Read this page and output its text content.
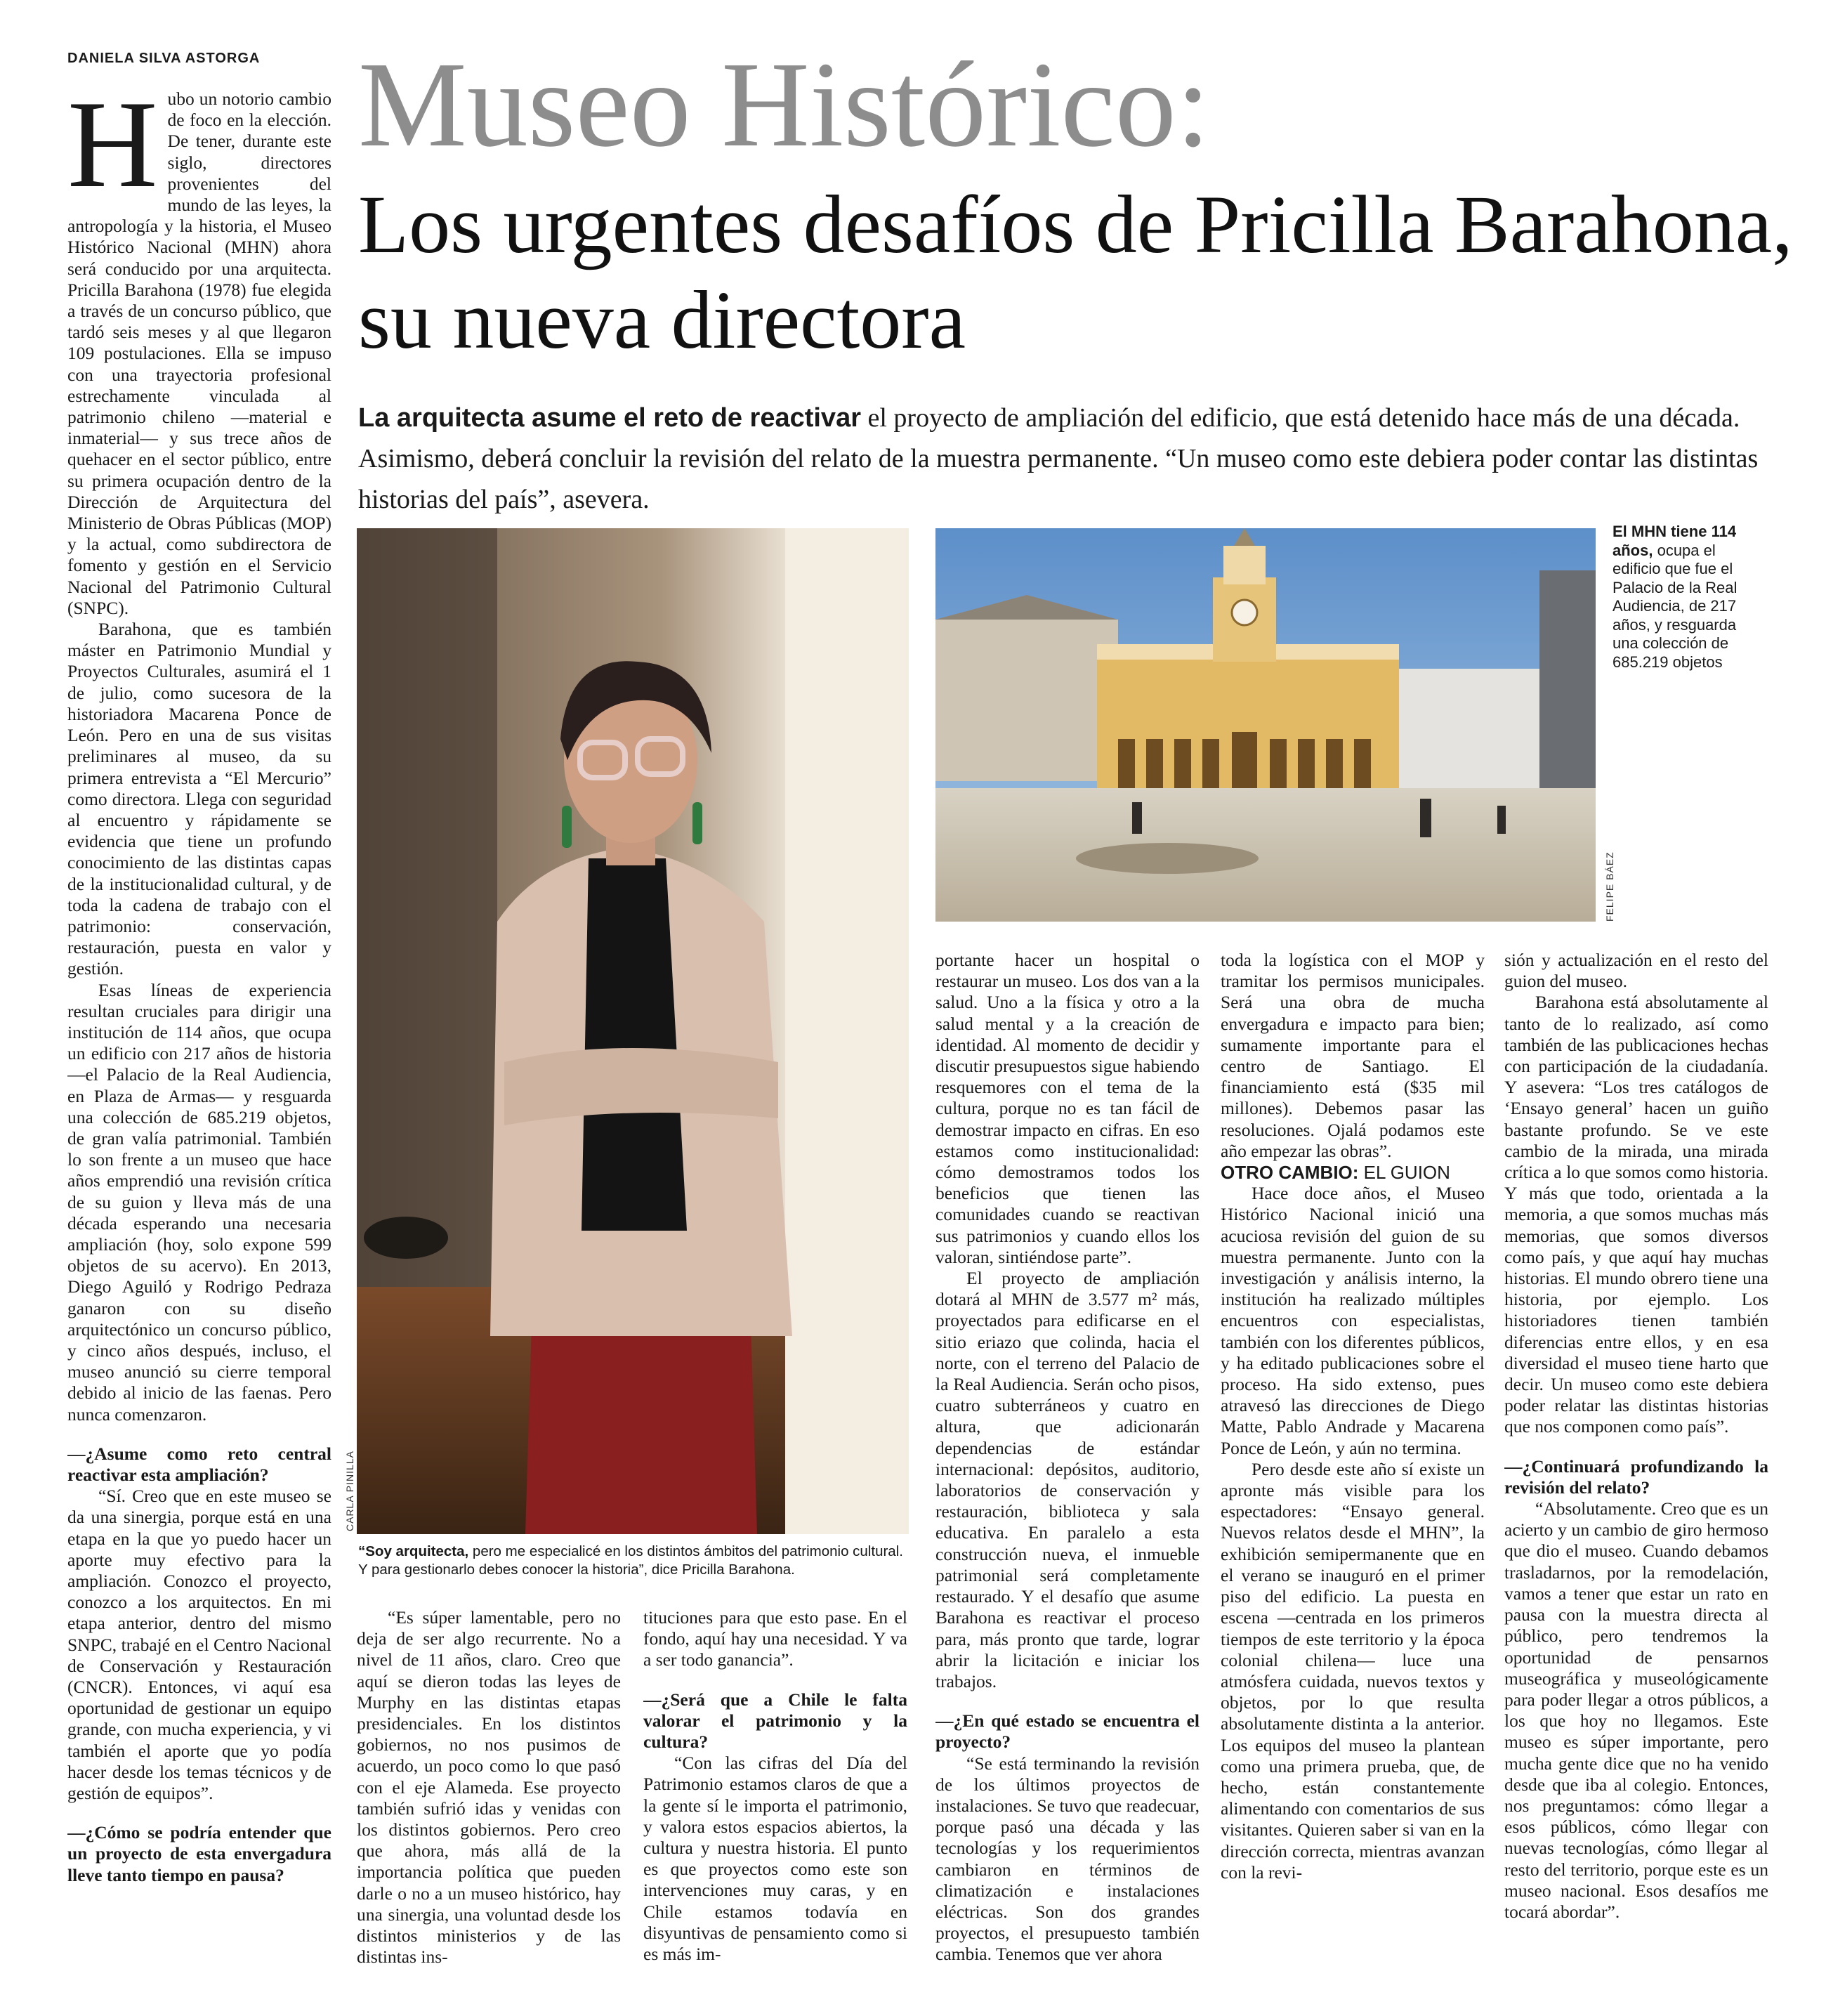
DANIELA SILVA ASTORGA Museo Histórico:
Los urgentes desafíos de Pricilla Barahona, su nueva directora
La arquitecta asume el reto de reactivar el proyecto de ampliación del edificio, que está detenido hace más de una década. Asimismo, deberá concluir la revisión del relato de la muestra permanente. “Un museo como este debiera poder contar las distintas historias del país”, asevera.

Hubo un notorio cambio de foco en la elección. De tener, durante este siglo, directores provenientes del mundo de las leyes, la antropología y la historia, el Museo Histórico Nacional (MHN) ahora será conducido por una arquitecta. Pricilla Barahona (1978) fue elegida a través de un concurso público, que tardó seis meses y al que llegaron 109 postulaciones. Ella se impuso con una trayectoria profesional estrechamente vinculada al patrimonio chileno —material e inmaterial— y sus trece años de quehacer en el sector público, entre su primera ocupación dentro de la Dirección de Arquitectura del Ministerio de Obras Públicas (MOP) y la actual, como subdirectora de fomento y gestión en el Servicio Nacional del Patrimonio Cultural (SNPC).

Barahona, que es también máster en Patrimonio Mundial y Proyectos Culturales, asumirá el 1 de julio, como sucesora de la historiadora Macarena Ponce de León. Pero en una de sus visitas preliminares al museo, da su primera entrevista a “El Mercurio” como directora. Llega con seguridad al encuentro y rápidamente se evidencia que tiene un profundo conocimiento de las distintas capas de la institucionalidad cultural, y de toda la cadena de trabajo con el patrimonio: conservación, restauración, puesta en valor y gestión.

Esas líneas de experiencia resultan cruciales para dirigir una institución de 114 años, que ocupa un edificio con 217 años de historia —el Palacio de la Real Audiencia, en Plaza de Armas— y resguarda una colección de 685.219 objetos, de gran valía patrimonial. También lo son frente a un museo que hace años emprendió una revisión crítica de su guion y lleva más de una década esperando una necesaria ampliación (hoy, solo expone 599 objetos de su acervo). En 2013, Diego Aguiló y Rodrigo Pedraza ganaron con su diseño arquitectónico un concurso público, y cinco años después, incluso, el museo anunció su cierre temporal debido al inicio de las faenas. Pero nunca comenzaron.

—¿Asume como reto central reactivar esta ampliación?

“Sí. Creo que en este museo se da una sinergia, porque está en una etapa en la que yo puedo hacer un aporte muy efectivo para la ampliación. Conozco el proyecto, conozco a los arquitectos. En mi etapa anterior, dentro del mismo SNPC, trabajé en el Centro Nacional de Conservación y Restauración (CNCR). Entonces, vi aquí esa oportunidad de gestionar un equipo grande, con mucha experiencia, y vi también el aporte que yo podía hacer desde los temas técnicos y de gestión de equipos”.

—¿Cómo se podría entender que un proyecto de esta envergadura lleve tanto tiempo en pausa?

CARLA PINILLA
“Soy arquitecta, pero me especialicé en los distintos ámbitos del patrimonio cultural. Y para gestionarlo debes conocer la historia”, dice Pricilla Barahona.
FELIPE BÁEZ
El MHN tiene 114 años, ocupa el edificio que fue el Palacio de la Real Audiencia, de 217 años, y resguarda una colección de 685.219 objetos

“Es súper lamentable, pero no deja de ser algo recurrente. No a nivel de 11 años, claro. Creo que aquí se dieron todas las leyes de Murphy en las distintas etapas presidenciales. En los distintos gobiernos, no nos pusimos de acuerdo, un poco como lo que pasó con el eje Alameda. Ese proyecto también sufrió idas y venidas con los distintos gobiernos. Pero creo que ahora, más allá de la importancia política que pueden darle o no a un museo histórico, hay una sinergia, una voluntad desde los distintos ministerios y de las distintas ins-

tituciones para que esto pase. En el fondo, aquí hay una necesidad. Y va a ser todo ganancia”.

—¿Será que a Chile le falta valorar el patrimonio y la cultura?

“Con las cifras del Día del Patrimonio estamos claros de que a la gente sí le importa el patrimonio, y valora estos espacios abiertos, la cultura y nuestra historia. El punto es que proyectos como este son intervenciones muy caras, y en Chile estamos todavía en disyuntivas de pensamiento como si es más im-

portante hacer un hospital o restaurar un museo. Los dos van a la salud. Uno a la física y otro a la salud mental y a la creación de identidad. Al momento de decidir y discutir presupuestos sigue habiendo resquemores con el tema de la cultura, porque no es tan fácil de demostrar impacto en cifras. En eso estamos como institucionalidad: cómo demostramos todos los beneficios que tienen las comunidades cuando se reactivan sus patrimonios y cuando ellos los valoran, sintiéndose parte”.

El proyecto de ampliación dotará al MHN de 3.577 m² más, proyectados para edificarse en el sitio eriazo que colinda, hacia el norte, con el terreno del Palacio de la Real Audiencia. Serán ocho pisos, cuatro subterráneos y cuatro en altura, que adicionarán dependencias de estándar internacional: depósitos, auditorio, laboratorios de conservación y restauración, biblioteca y sala educativa. En paralelo a esta construcción nueva, el inmueble patrimonial será completamente restaurado. Y el desafío que asume Barahona es reactivar el proceso para, más pronto que tarde, lograr abrir la licitación e iniciar los trabajos.

—¿En qué estado se encuentra el proyecto?

“Se está terminando la revisión de los últimos proyectos de instalaciones. Se tuvo que readecuar, porque pasó una década y las tecnologías y los requerimientos cambiaron en términos de climatización e instalaciones eléctricas. Son dos grandes proyectos, el presupuesto también cambia. Tenemos que ver ahora

toda la logística con el MOP y tramitar los permisos municipales. Será una obra de mucha envergadura e impacto para bien; sumamente importante para el centro de Santiago. El financiamiento está ($35 mil millones). Debemos pasar las resoluciones. Ojalá podamos este año empezar las obras”.

OTRO CAMBIO: EL GUION

Hace doce años, el Museo Histórico Nacional inició una acuciosa revisión del guion de su muestra permanente. Junto con la investigación y análisis interno, la institución ha realizado múltiples encuentros con especialistas, también con los diferentes públicos, y ha editado publicaciones sobre el proceso. Ha sido extenso, pues atravesó las direcciones de Diego Matte, Pablo Andrade y Macarena Ponce de León, y aún no termina.

Pero desde este año sí existe un apronte más visible para los espectadores: “Ensayo general. Nuevos relatos desde el MHN”, la exhibición semipermanente que en el verano se inauguró en el primer piso del edificio. La puesta en escena —centrada en los primeros tiempos de este territorio y la época colonial chilena— luce una atmósfera cuidada, nuevos textos y objetos, por lo que resulta absolutamente distinta a la anterior. Los equipos del museo la plantean como una primera prueba, que, de hecho, están constantemente alimentando con comentarios de sus visitantes. Quieren saber si van en la dirección correcta, mientras avanzan con la revi-

sión y actualización en el resto del guion del museo.

Barahona está absolutamente al tanto de lo realizado, así como también de las publicaciones hechas con participación de la ciudadanía. Y asevera: “Los tres catálogos de ‘Ensayo general’ hacen un guiño bastante profundo. Se ve este cambio de la mirada, una mirada crítica a lo que somos como historia. Y más que todo, orientada a la memoria, a que somos muchas más memorias, que somos diversos como país, y que aquí hay muchas historias. El mundo obrero tiene una historia, por ejemplo. Los historiadores tienen también diferencias entre ellos, y en esa diversidad el museo tiene harto que decir. Un museo como este debiera poder relatar las distintas historias que nos componen como país”.

—¿Continuará profundizando la revisión del relato?

“Absolutamente. Creo que es un acierto y un cambio de giro hermoso que dio el museo. Cuando debamos trasladarnos, por la remodelación, vamos a tener que estar un rato en pausa con la muestra directa al público, pero tendremos la oportunidad de pensarnos museográfica y museológicamente para poder llegar a otros públicos, a los que hoy no llegamos. Este museo es súper importante, pero mucha gente dice que no ha venido desde que iba al colegio. Entonces, nos preguntamos: cómo llegar a esos públicos, cómo llegar con nuevas tecnologías, cómo llegar al resto del territorio, porque este es un museo nacional. Esos desafíos me tocará abordar”.
